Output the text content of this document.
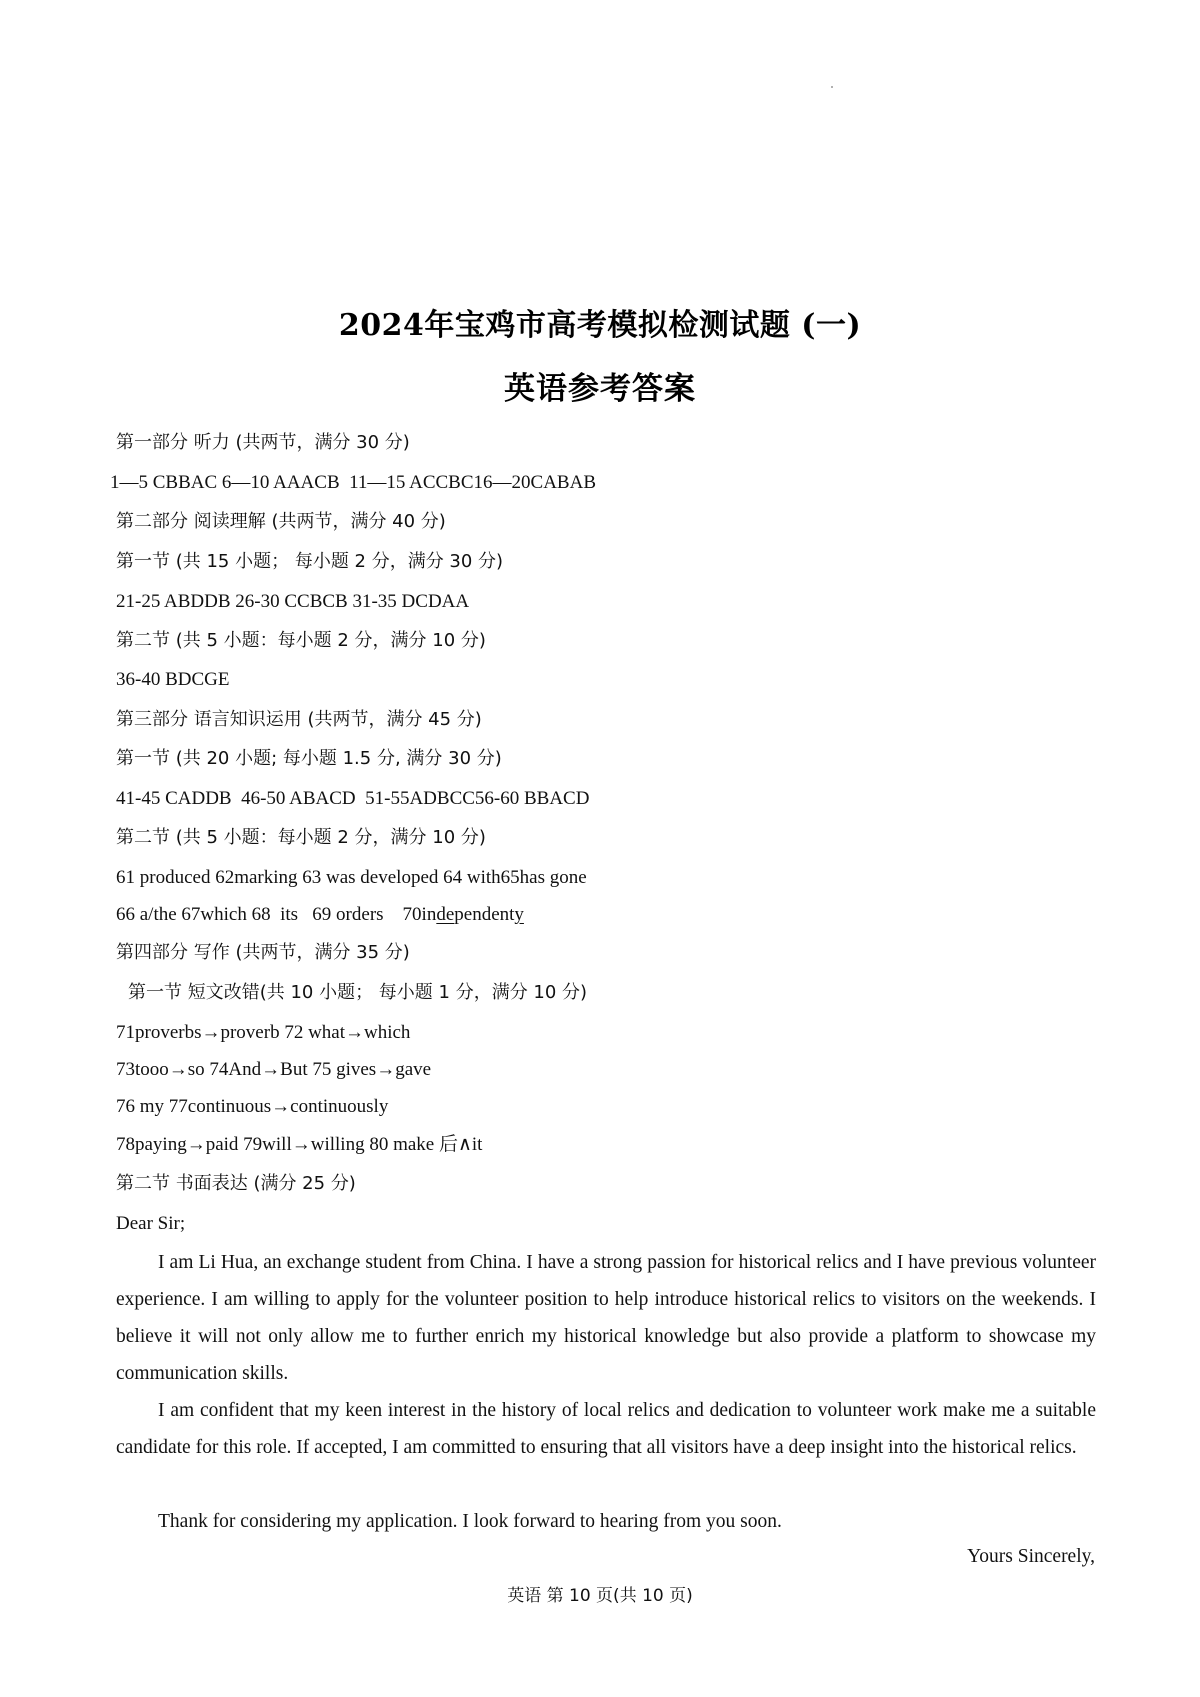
2024年宝鸡市高考模拟检测试题 (一)
英语参考答案
第一部分 听力 (共两节，满分 30 分)
1—5 CBBAC 6—10 AAACB  11—15 ACCBC16—20CABAB
第二部分 阅读理解 (共两节，满分 40 分)
第一节 (共 15 小题； 每小题 2 分，满分 30 分)
21-25 ABDDB 26-30 CCBCB 31-35 DCDAA
第二节 (共 5 小题：每小题 2 分，满分 10 分)
36-40 BDCGE
第三部分 语言知识运用 (共两节，满分 45 分)
第一节 (共 20 小题; 每小题 1.5 分, 满分 30 分)
41-45 CADDB  46-50 ABACD  51-55ADBCC56-60 BBACD
第二节 (共 5 小题：每小题 2 分，满分 10 分)
61 produced 62marking 63 was developed 64 with65has gone
66 a/the 67which 68  its   69 orders    70independenty
第四部分 写作 (共两节，满分 35 分)
第一节 短文改错(共 10 小题； 每小题 1 分，满分 10 分)
71proverbs→proverb 72 what→which
73tooo→so 74And→But 75 gives→gave
76 my 77continuous→continuously
78paying→paid 79will→willing 80 make 后∧it
第二节 书面表达 (满分 25 分)
Dear Sir;
I am Li Hua, an exchange student from China. I have a strong passion for historical relics and I have previous volunteer experience. I am willing to apply for the volunteer position to help introduce historical relics to visitors on the weekends. I believe it will not only allow me to further enrich my historical knowledge but also provide a platform to showcase my communication skills.
I am confident that my keen interest in the history of local relics and dedication to volunteer work make me a suitable candidate for this role. If accepted, I am committed to ensuring that all visitors have a deep insight into the historical relics.
Thank for considering my application. I look forward to hearing from you soon.
Yours Sincerely,
英语 第 10 页(共 10 页)
